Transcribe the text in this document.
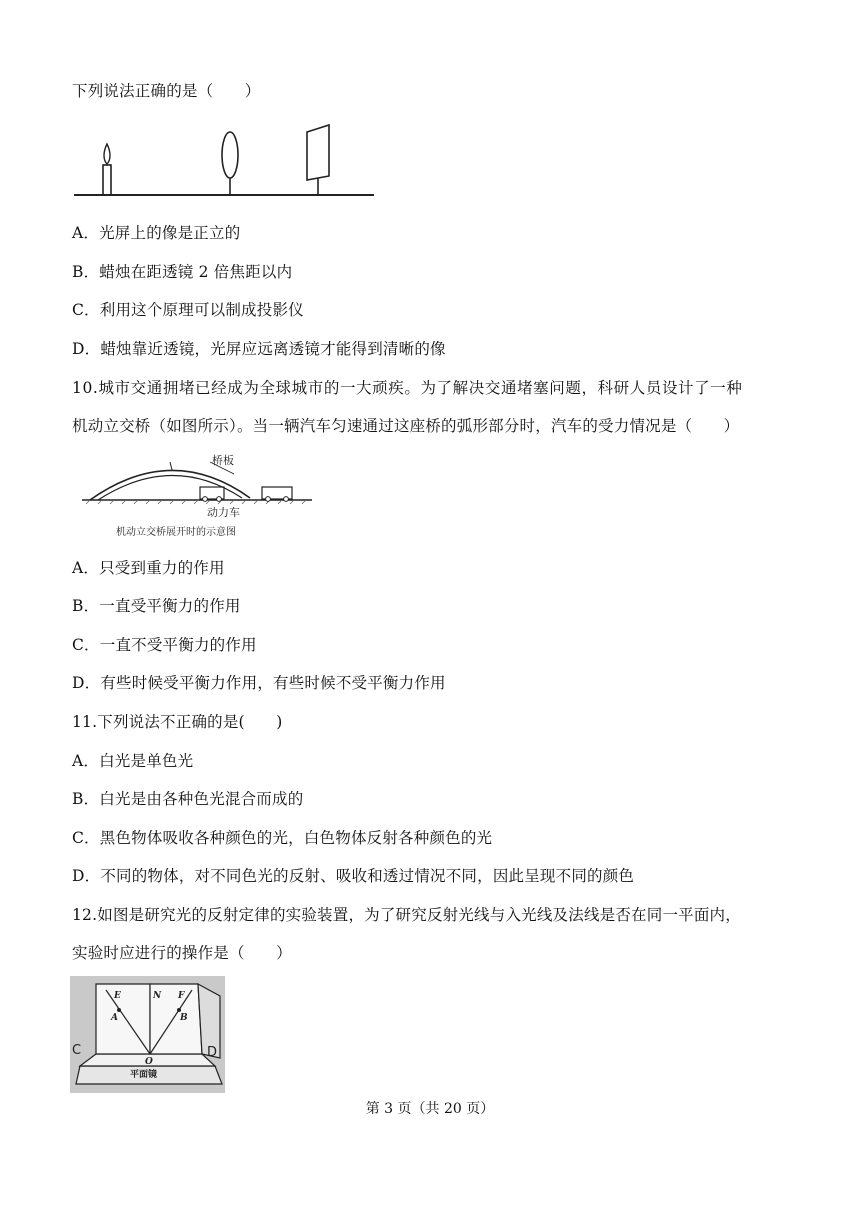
下列说法正确的是（　　）
A．光屏上的像是正立的
B．蜡烛在距透镜 2 倍焦距以内
C．利用这个原理可以制成投影仪
D．蜡烛靠近透镜，光屏应远离透镜才能得到清晰的像
10.城市交通拥堵已经成为全球城市的一大顽疾。为了解决交通堵塞问题，科研人员设计了一种
机动立交桥（如图所示）。当一辆汽车匀速通过这座桥的弧形部分时，汽车的受力情况是（　　）
桥板
动力车
机动立交桥展开时的示意图
A．只受到重力的作用
B．一直受平衡力的作用
C．一直不受平衡力的作用
D．有些时候受平衡力作用，有些时候不受平衡力作用
11.下列说法不正确的是(　　)
A．白光是单色光
B．白光是由各种色光混合而成的
C．黑色物体吸收各种颜色的光，白色物体反射各种颜色的光
D．不同的物体，对不同色光的反射、吸收和透过情况不同，因此呈现不同的颜色
12.如图是研究光的反射定律的实验装置，为了研究反射光线与入光线及法线是否在同一平面内，
实验时应进行的操作是（　　）
E	N F
A	B
O
C	D
平面镜
第 3 页（共 20 页）
